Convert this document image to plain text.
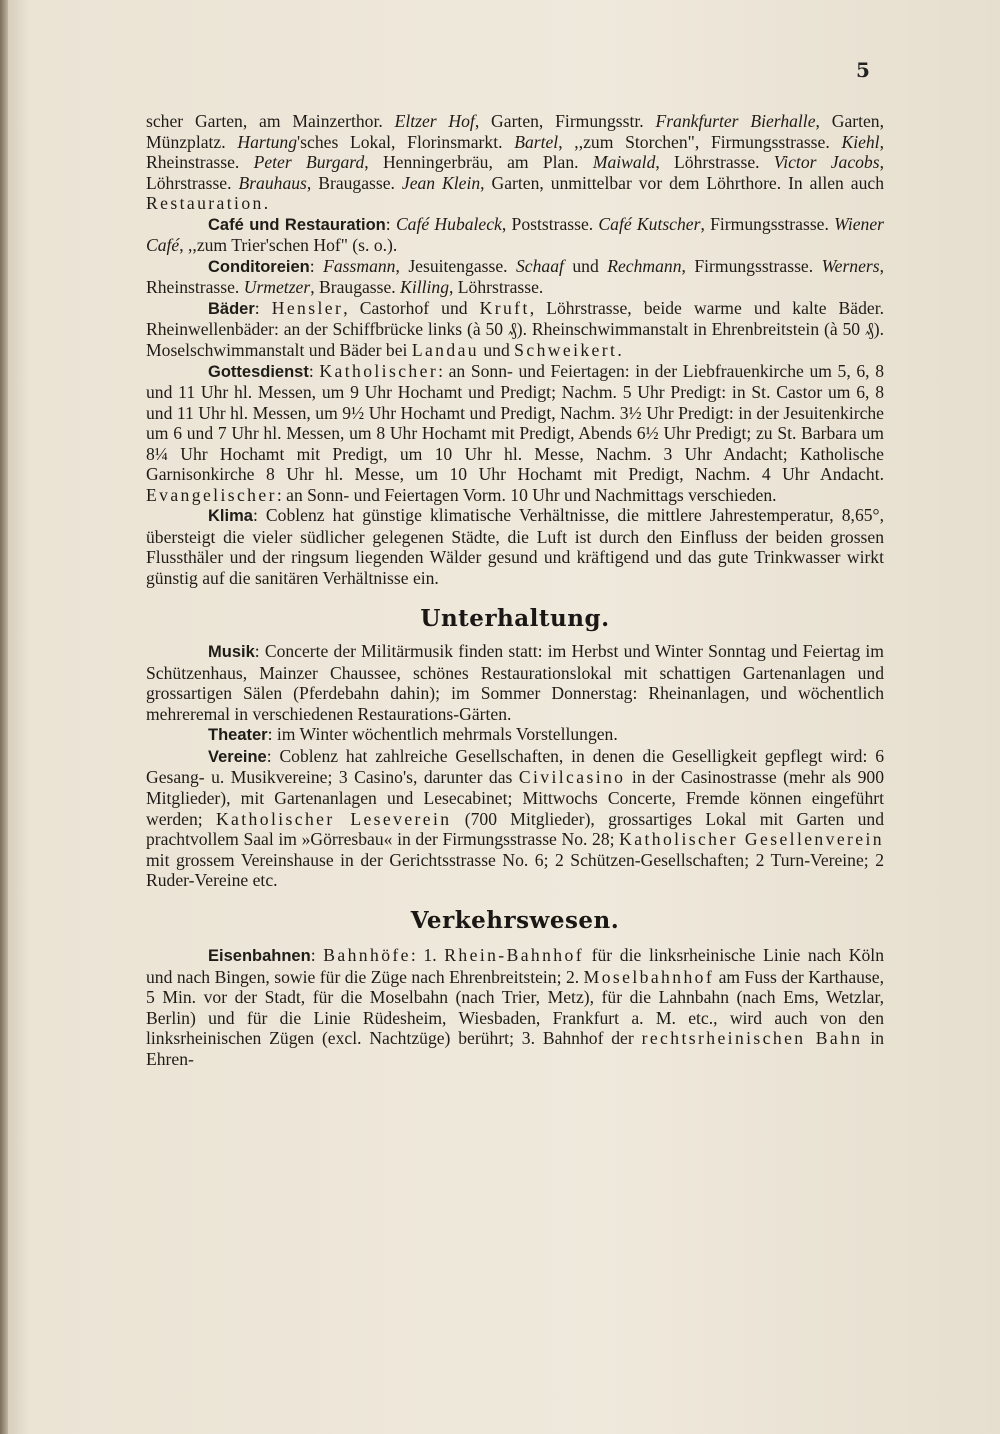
5

scher Garten, am Mainzerthor. Eltzer Hof, Garten, Firmungsstr. Frankfurter Bierhalle, Garten, Münzplatz. Hartung'sches Lokal, Florinsmarkt. Bartel, ,,zum Storchen", Firmungsstrasse. Kiehl, Rheinstrasse. Peter Burgard, Henningerbräu, am Plan. Maiwald, Löhrstrasse. Victor Jacobs, Löhrstrasse. Brauhaus, Braugasse. Jean Klein, Garten, unmittelbar vor dem Löhrthore. In allen auch Restauration.

Café und Restauration: Café Hubaleck, Poststrasse. Café Kutscher, Firmungsstrasse. Wiener Café, ,,zum Trier'schen Hof" (s. o.).

Conditoreien: Fassmann, Jesuitengasse. Schaaf und Rechmann, Firmungsstrasse. Werners, Rheinstrasse. Urmetzer, Braugasse. Killing, Löhrstrasse.

Bäder: Hensler, Castorhof und Kruft, Löhrstrasse, beide warme und kalte Bäder. Rheinwellenbäder: an der Schiffbrücke links (à 50 ₰). Rheinschwimmanstalt in Ehrenbreitstein (à 50 ₰). Moselschwimmanstalt und Bäder bei Landau und Schweikert.

Gottesdienst: Katholischer: an Sonn- und Feiertagen: in der Liebfrauenkirche um 5, 6, 8 und 11 Uhr hl. Messen, um 9 Uhr Hochamt und Predigt; Nachm. 5 Uhr Predigt: in St. Castor um 6, 8 und 11 Uhr hl. Messen, um 9½ Uhr Hochamt und Predigt, Nachm. 3½ Uhr Predigt: in der Jesuitenkirche um 6 und 7 Uhr hl. Messen, um 8 Uhr Hochamt mit Predigt, Abends 6½ Uhr Predigt; zu St. Barbara um 8¼ Uhr Hochamt mit Predigt, um 10 Uhr hl. Messe, Nachm. 3 Uhr Andacht; Katholische Garnisonkirche 8 Uhr hl. Messe, um 10 Uhr Hochamt mit Predigt, Nachm. 4 Uhr Andacht. Evangelischer: an Sonn- und Feiertagen Vorm. 10 Uhr und Nachmittags verschieden.

Klima: Coblenz hat günstige klimatische Verhältnisse, die mittlere Jahrestemperatur, 8,65°, übersteigt die vieler südlicher gelegenen Städte, die Luft ist durch den Einfluss der beiden grossen Flussthäler und der ringsum liegenden Wälder gesund und kräftigend und das gute Trinkwasser wirkt günstig auf die sanitären Verhältnisse ein.

Unterhaltung.

Musik: Concerte der Militärmusik finden statt: im Herbst und Winter Sonntag und Feiertag im Schützenhaus, Mainzer Chaussee, schönes Restaurationslokal mit schattigen Gartenanlagen und grossartigen Sälen (Pferdebahn dahin); im Sommer Donnerstag: Rheinanlagen, und wöchentlich mehreremal in verschiedenen Restaurations-Gärten.

Theater: im Winter wöchentlich mehrmals Vorstellungen.

Vereine: Coblenz hat zahlreiche Gesellschaften, in denen die Geselligkeit gepflegt wird: 6 Gesang- u. Musikvereine; 3 Casino's, darunter das Civilcasino in der Casinostrasse (mehr als 900 Mitglieder), mit Gartenanlagen und Lesecabinet; Mittwochs Concerte, Fremde können eingeführt werden; Katholischer Leseverein (700 Mitglieder), grossartiges Lokal mit Garten und prachtvollem Saal im »Görresbau« in der Firmungsstrasse No. 28; Katholischer Gesellenverein mit grossem Vereinshause in der Gerichtsstrasse No. 6; 2 Schützen-Gesellschaften; 2 Turn-Vereine; 2 Ruder-Vereine etc.

Verkehrswesen.

Eisenbahnen: Bahnhöfe: 1. Rhein-Bahnhof für die linksrheinische Linie nach Köln und nach Bingen, sowie für die Züge nach Ehrenbreitstein; 2. Moselbahnhof am Fuss der Karthause, 5 Min. vor der Stadt, für die Moselbahn (nach Trier, Metz), für die Lahnbahn (nach Ems, Wetzlar, Berlin) und für die Linie Rüdesheim, Wiesbaden, Frankfurt a. M. etc., wird auch von den linksrheinischen Zügen (excl. Nachtzüge) berührt; 3. Bahnhof der rechtsrheinischen Bahn in Ehren-
